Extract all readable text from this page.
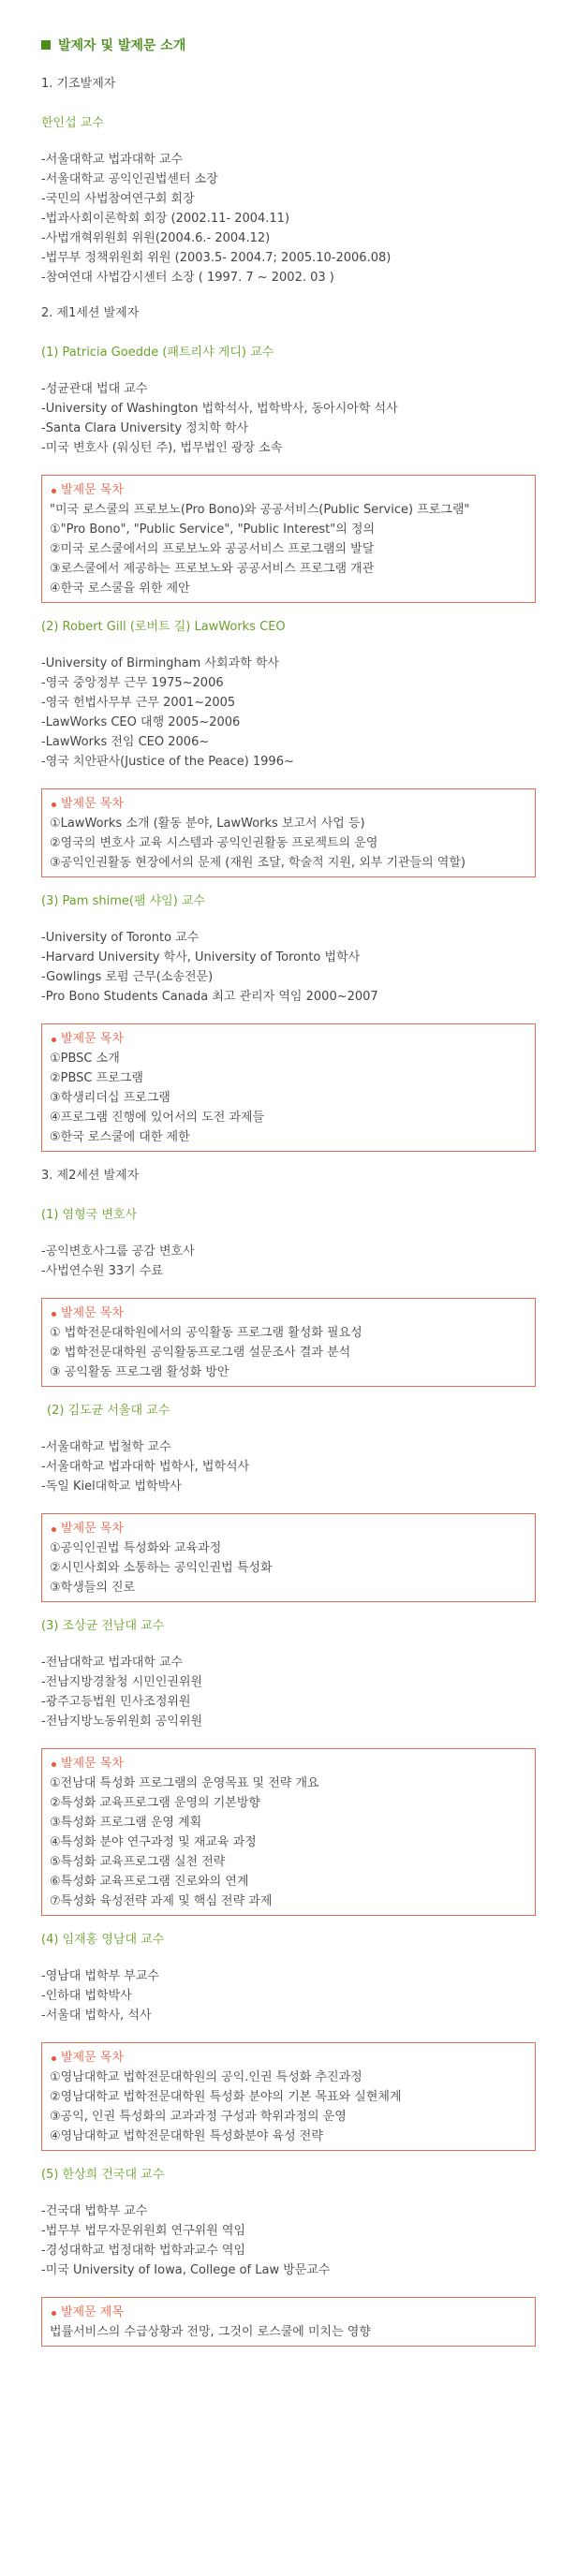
발제자 및 발제문 소개
1. 기조발제자
한인섭 교수
-서울대학교 법과대학 교수
-서울대학교 공익인권법센터 소장
-국민의 사법참여연구회 회장
-법과사회이론학회 회장 (2002.11- 2004.11)
-사법개혁위원회 위원(2004.6.- 2004.12)
-법무부 정책위원회 위원 (2003.5- 2004.7; 2005.10-2006.08)
-참여연대 사법감시센터 소장 ( 1997. 7 ~ 2002. 03 )
2. 제1세션 발제자
(1) Patricia Goedde (패트리샤 게디) 교수
-성균관대 법대 교수
-University of Washington 법학석사, 법학박사, 동아시아학 석사
-Santa Clara University 정치학 학사
-미국 변호사 (워싱턴 주), 법무법인 광장 소속
발제문 목차
"미국 로스쿨의 프로보노(Pro Bono)와 공공서비스(Public Service) 프로그램"
①"Pro Bono", "Public Service", "Public Interest"의 정의
②미국 로스쿨에서의 프로보노와 공공서비스 프로그램의 발달
③로스쿨에서 제공하는 프로보노와 공공서비스 프로그램 개관
④한국 로스쿨을 위한 제안
(2) Robert Gill (로버트 길) LawWorks CEO
-University of Birmingham 사회과학 학사
-영국 중앙정부 근무 1975~2006
-영국 헌법사무부 근무 2001~2005
-LawWorks CEO 대행 2005~2006
-LawWorks 전임 CEO 2006~
-영국 치안판사(Justice of the Peace) 1996~
발제문 목차
①LawWorks 소개 (활동 분야, LawWorks 보고서 사업 등)
②영국의 변호사 교육 시스템과 공익인권활동 프로젝트의 운영
③공익인권활동 현장에서의 문제 (재원 조달, 학술적 지원, 외부 기관들의 역할)
(3) Pam shime(팸 샤임) 교수
-University of Toronto 교수
-Harvard University 학사, University of Toronto 법학사
-Gowlings 로펌 근무(소송전문)
-Pro Bono Students Canada 최고 관리자 역임 2000~2007
발제문 목차
①PBSC 소개
②PBSC 프로그램
③학생리더십 프로그램
④프로그램 진행에 있어서의 도전 과제들
⑤한국 로스쿨에 대한 제한
3. 제2세션 발제자
(1) 염형국 변호사
-공익변호사그룹 공감 변호사
-사법연수원 33기 수료
발제문 목차
① 법학전문대학원에서의 공익활동 프로그램 활성화 필요성
② 법학전문대학원 공익활동프로그램 설문조사 결과 분석
③ 공익활동 프로그램 활성화 방안
(2) 김도균 서울대 교수
-서울대학교 법철학 교수
-서울대학교 법과대학 법학사, 법학석사
-독일 Kiel대학교 법학박사
발제문 목차
①공익인권법 특성화와 교육과정
②시민사회와 소통하는 공익인권법 특성화
③학생들의 진로
(3) 조상균 전남대 교수
-전남대학교 법과대학 교수
-전남지방경찰청 시민인권위원
-광주고등법원 민사조정위원
-전남지방노동위원회 공익위원
발제문 목차
①전남대 특성화 프로그램의 운영목표 및 전략 개요
②특성화 교육프로그램 운영의 기본방향
③특성화 프로그램 운영 계획
④특성화 분야 연구과정 및 재교육 과정
⑤특성화 교육프로그램 실천 전략
⑥특성화 교육프로그램 진로와의 연계
⑦특성화 육성전략 과제 및 핵심 전략 과제
(4) 임재홍 영남대 교수
-영남대 법학부 부교수
-인하대 법학박사
-서울대 법학사, 석사
발제문 목차
①영남대학교 법학전문대학원의 공익.인권 특성화 추진과정
②영남대학교 법학전문대학원 특성화 분야의 기본 목표와 실현체계
③공익, 인권 특성화의 교과과정 구성과 학위과정의 운영
④영남대학교 법학전문대학원 특성화분야 육성 전략
(5) 한상희 건국대 교수
-건국대 법학부 교수
-법무부 법무자문위원회 연구위원 역임
-경성대학교 법정대학 법학과교수 역임
-미국 University of Iowa, College of Law 방문교수
발제문 제목
법률서비스의 수급상황과 전망, 그것이 로스쿨에 미치는 영향
